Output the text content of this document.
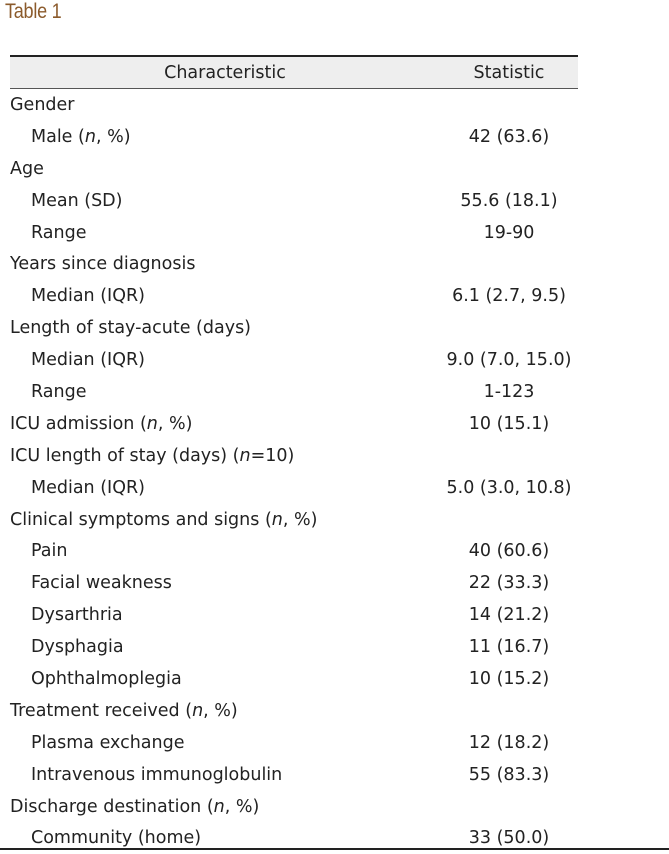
Table 1
Characteristic	Statistic
Gender
Male (n, %)	42 (63.6)
Age
Mean (SD)	55.6 (18.1)
Range	19-90
Years since diagnosis
Median (IQR)	6.1 (2.7, 9.5)
Length of stay-acute (days)
Median (IQR)	9.0 (7.0, 15.0)
Range	1-123
ICU admission (n, %)	10 (15.1)
ICU length of stay (days) (n=10)
Median (IQR)	5.0 (3.0, 10.8)
Clinical symptoms and signs (n, %)
Pain	40 (60.6)
Facial weakness	22 (33.3)
Dysarthria	14 (21.2)
Dysphagia	11 (16.7)
Ophthalmoplegia	10 (15.2)
Treatment received (n, %)
Plasma exchange	12 (18.2)
Intravenous immunoglobulin	55 (83.3)
Discharge destination (n, %)
Community (home)	33 (50.0)
